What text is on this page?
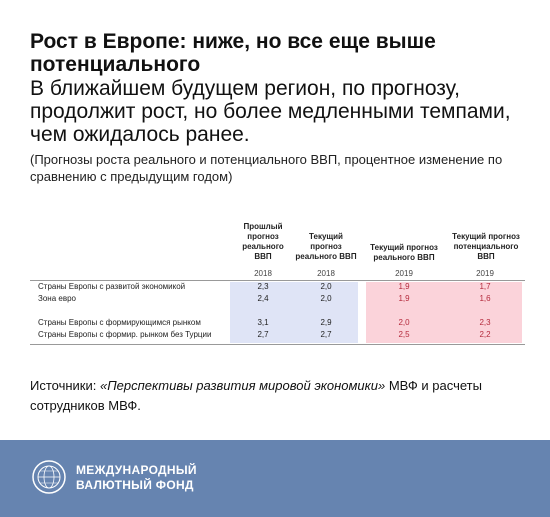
Рост в Европе: ниже, но все еще выше потенциального
В ближайшем будущем регион, по прогнозу, продолжит рост, но более медленными темпами, чем ожидалось ранее.
(Прогнозы роста реального и потенциального ВВП, процентное изменение по сравнению с предыдущим годом)
Прошлый прогноз реального ВВП
Текущий прогноз реального ВВП
Текущий прогноз реального ВВП
Текущий прогноз потенциального ВВП
2018	2018	2019	2019
Страны Европы с развитой экономикой	2,3	2,0	1,9	1,7
Зона евро	2,4	2,0	1,9	1,6
Страны Европы с формирующимся рынком	3,1	2,9	2,0	2,3
Страны Европы с формир. рынком без Турции	2,7	2,7	2,5	2,2
Источники: «Перспективы развития мировой экономики» МВФ и расчеты сотрудников МВФ.
МЕЖДУНАРОДНЫЙ
ВАЛЮТНЫЙ ФОНД
